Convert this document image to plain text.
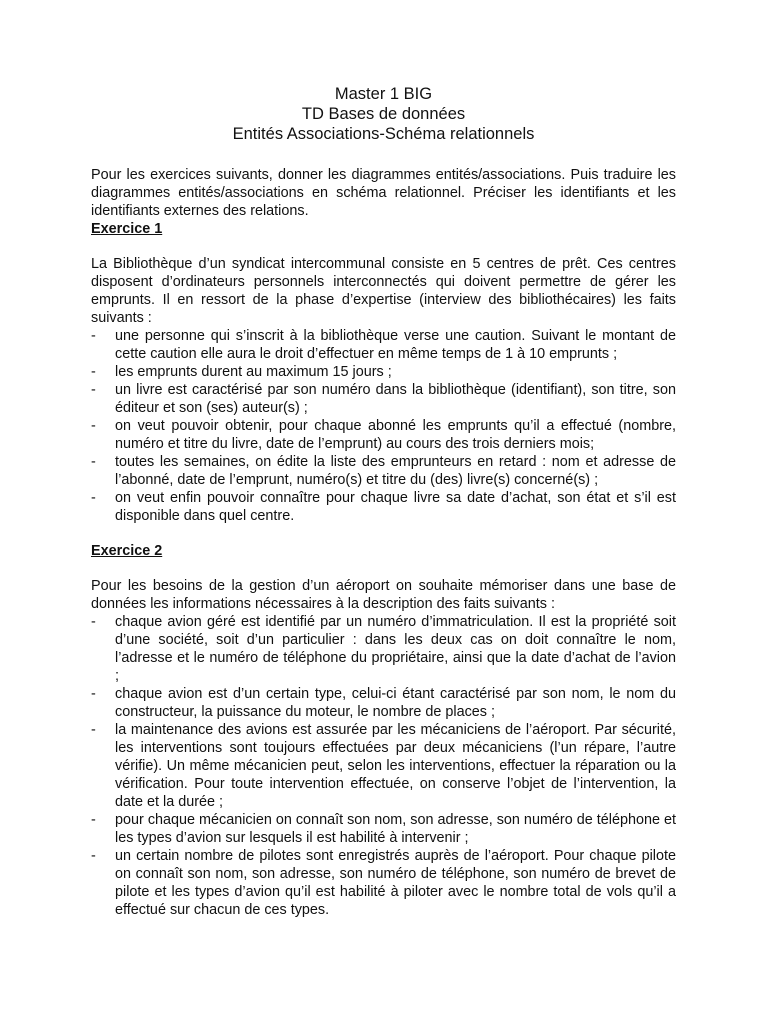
Master 1 BIG
TD Bases de données
Entités Associations-Schéma relationnels

Pour les exercices suivants, donner les diagrammes entités/associations. Puis traduire les diagrammes entités/associations en schéma relationnel. Préciser les identifiants et les identifiants externes des relations.

Exercice 1

La Bibliothèque d’un syndicat intercommunal consiste en 5 centres de prêt. Ces centres disposent d’ordinateurs personnels interconnectés qui doivent permettre de gérer les emprunts. Il en ressort de la phase d’expertise (interview des bibliothécaires) les faits suivants :

- une personne qui s’inscrit à la bibliothèque verse une caution. Suivant le montant de cette caution elle aura le droit d’effectuer en même temps de 1 à 10 emprunts ;
- les emprunts durent au maximum 15 jours ;
- un livre est caractérisé par son numéro dans la bibliothèque (identifiant), son titre, son éditeur et son (ses) auteur(s) ;
- on veut pouvoir obtenir, pour chaque abonné les emprunts qu’il a effectué (nombre, numéro et titre du livre, date de l’emprunt) au cours des trois derniers mois;
- toutes les semaines, on édite la liste des emprunteurs en retard : nom et adresse de l’abonné, date de l’emprunt, numéro(s) et titre du (des) livre(s) concerné(s) ;
- on veut enfin pouvoir connaître pour chaque livre sa date d’achat, son état et s’il est disponible dans quel centre.
Exercice 2

Pour les besoins de la gestion d’un aéroport on souhaite mémoriser dans une base de données les informations nécessaires à la description des faits suivants :

- chaque avion géré est identifié par un numéro d’immatriculation. Il est la propriété soit d’une société, soit d’un particulier : dans les deux cas on doit connaître le nom, l’adresse et le numéro de téléphone du propriétaire, ainsi que la date d’achat de l’avion ;
- chaque avion est d’un certain type, celui-ci étant caractérisé par son nom, le nom du constructeur, la puissance du moteur, le nombre de places ;
- la maintenance des avions est assurée par les mécaniciens de l’aéroport. Par sécurité, les interventions sont toujours effectuées par deux mécaniciens (l’un répare, l’autre vérifie). Un même mécanicien peut, selon les interventions, effectuer la réparation ou la vérification. Pour toute intervention effectuée, on conserve l’objet de l’intervention, la date et la durée ;
- pour chaque mécanicien on connaît son nom, son adresse, son numéro de téléphone et les types d’avion sur lesquels il est habilité à intervenir ;
- un certain nombre de pilotes sont enregistrés auprès de l’aéroport. Pour chaque pilote on connaît son nom, son adresse, son numéro de téléphone, son numéro de brevet de pilote et les types d’avion qu’il est habilité à piloter avec le nombre total de vols qu’il a effectué sur chacun de ces types.
